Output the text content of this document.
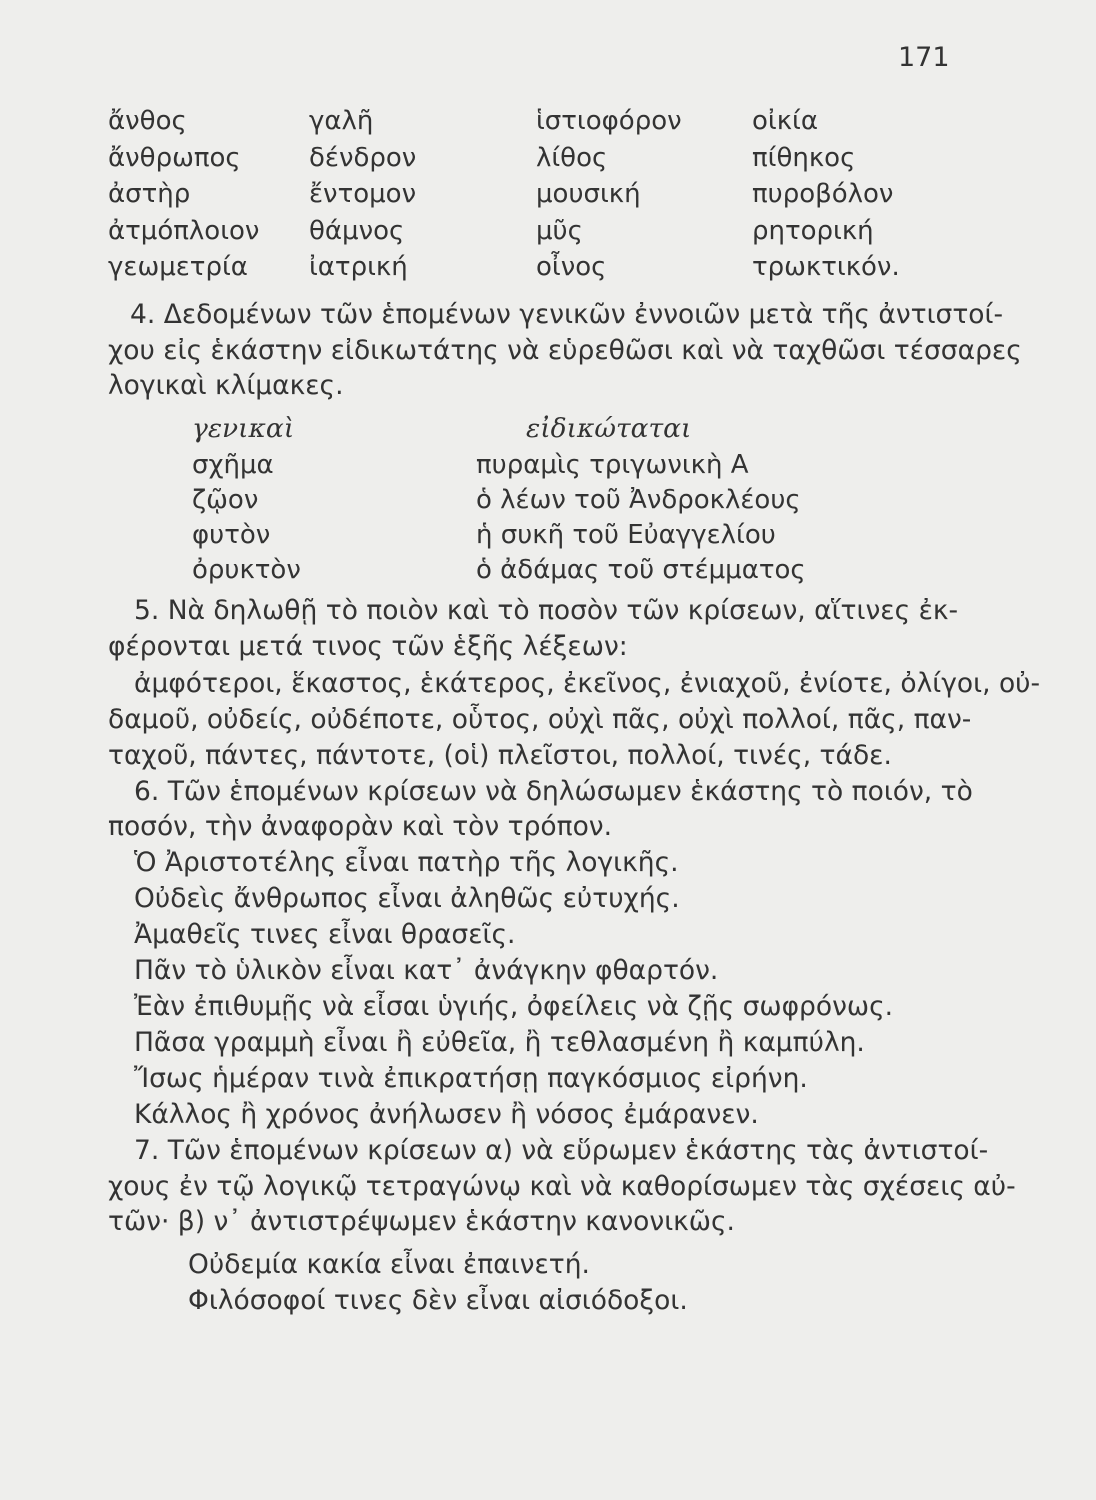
171
ἄνθος
ἄνθρωπος
ἀστὴρ
ἀτμόπλοιον
γεωμετρία
γαλῆ
δένδρον
ἔντομον
θάμνος
ἰατρική
ἱστιοφόρον
λίθος
μουσική
μῦς
οἶνος
οἰκία
πίθηκος
πυροβόλον
ρητορική
τρωκτικόν.
4. Δεδομένων τῶν ἑπομένων γενικῶν ἐννοιῶν μετὰ τῆς ἀντιστοί-
χου εἰς ἑκάστην εἰδικωτάτης νὰ εὑρεθῶσι καὶ νὰ ταχθῶσι τέσσαρες
λογικαὶ κλίμακες.
γενικαὶ	εἰδικώταται
σχῆμα
ζῷον
φυτὸν
ὀρυκτὸν
πυραμὶς τριγωνικὴ Α
ὁ λέων τοῦ Ἀνδροκλέους
ἡ συκῆ τοῦ Εὐαγγελίου
ὁ ἀδάμας τοῦ στέμματος
5. Νὰ δηλωθῇ τὸ ποιὸν καὶ τὸ ποσὸν τῶν κρίσεων, αἵτινες ἐκ-
φέρονται μετά τινος τῶν ἑξῆς λέξεων:
ἀμφότεροι, ἕκαστος, ἑκάτερος, ἐκεῖνος, ἐνιαχοῦ, ἐνίοτε, ὀλίγοι, οὐ-
δαμοῦ, οὐδείς, οὐδέποτε, οὗτος, οὐχὶ πᾶς, οὐχὶ πολλοί, πᾶς, παν-
ταχοῦ, πάντες, πάντοτε, (οἱ) πλεῖστοι, πολλοί, τινές, τάδε.
6. Τῶν ἑπομένων κρίσεων νὰ δηλώσωμεν ἑκάστης τὸ ποιόν, τὸ
ποσόν, τὴν ἀναφορὰν καὶ τὸν τρόπον.
Ὁ Ἀριστοτέλης εἶναι πατὴρ τῆς λογικῆς.
Οὐδεὶς ἄνθρωπος εἶναι ἀληθῶς εὐτυχής.
Ἀμαθεῖς τινες εἶναι θρασεῖς.
Πᾶν τὸ ὑλικὸν εἶναι κατ᾿ ἀνάγκην φθαρτόν.
Ἐὰν ἐπιθυμῇς νὰ εἶσαι ὑγιής, ὀφείλεις νὰ ζῇς σωφρόνως.
Πᾶσα γραμμὴ εἶναι ἢ εὐθεῖα, ἢ τεθλασμένη ἢ καμπύλη.
Ἴσως ἡμέραν τινὰ ἐπικρατήσῃ παγκόσμιος εἰρήνη.
Κάλλος ἢ χρόνος ἀνήλωσεν ἢ νόσος ἐμάρανεν.
7. Τῶν ἑπομένων κρίσεων α) νὰ εὕρωμεν ἑκάστης τὰς ἀντιστοί-
χους ἐν τῷ λογικῷ τετραγώνῳ καὶ νὰ καθορίσωμεν τὰς σχέσεις αὐ-
τῶν· β) ν᾿ ἀντιστρέψωμεν ἑκάστην κανονικῶς.
Οὐδεμία κακία εἶναι ἐπαινετή.
Φιλόσοφοί τινες δὲν εἶναι αἰσιόδοξοι.
